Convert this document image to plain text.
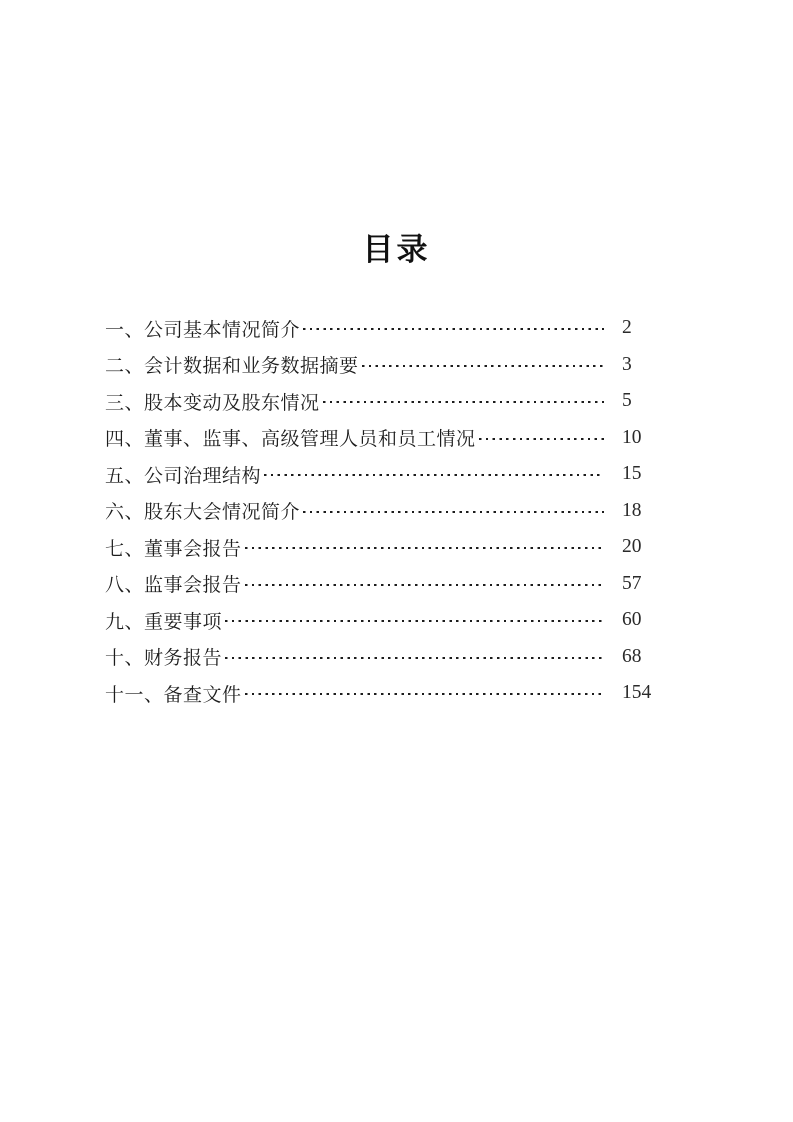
目录
一、公司基本情况简介	2
二、会计数据和业务数据摘要	3
三、股本变动及股东情况	5
四、董事、监事、高级管理人员和员工情况	10
五、公司治理结构	15
六、股东大会情况简介	18
七、董事会报告	20
八、监事会报告	57
九、重要事项	60
十、财务报告	68
十一、备查文件	154
